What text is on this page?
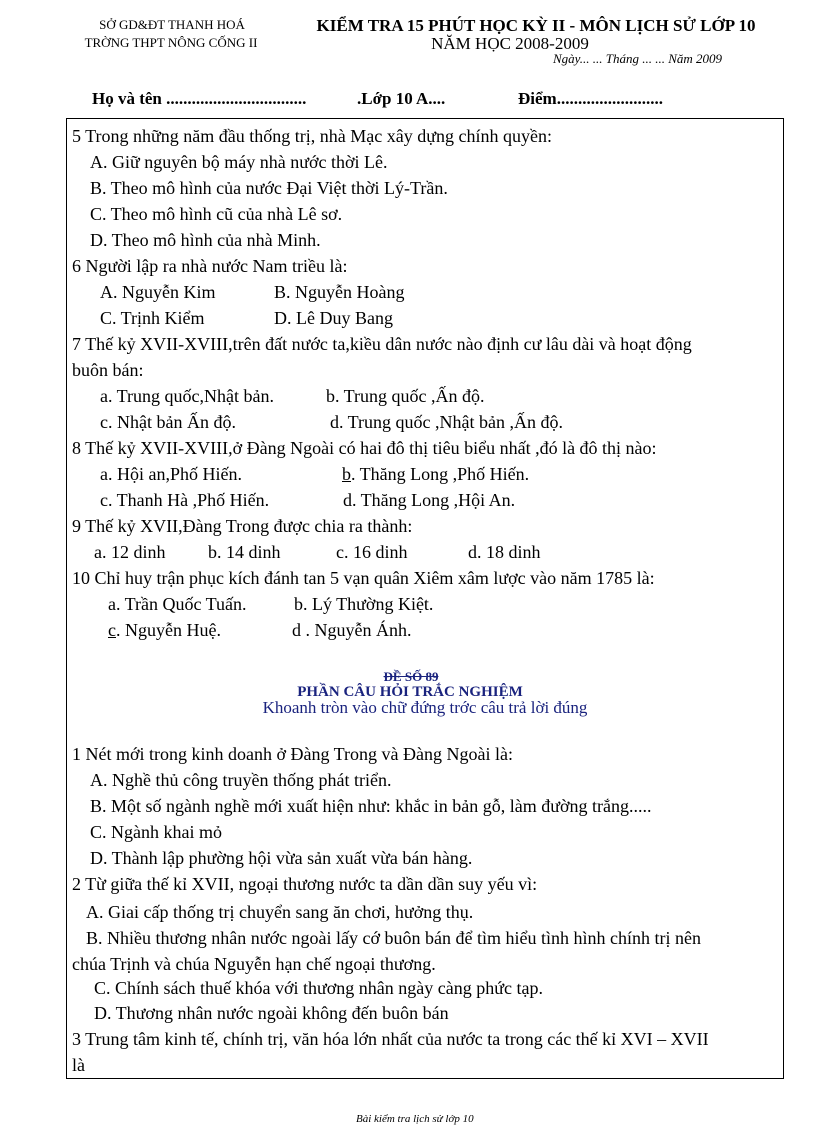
SỞ GD&ĐT THANH HOÁ
TRỜNG THPT NÔNG CỐNG II
KIỂM TRA 15 PHÚT HỌC KỲ II - MÔN LỊCH SỬ LỚP 10
NĂM HỌC 2008-2009
Ngày... ... Tháng ... ... Năm 2009
Họ và tên .................................	.Lớp 10 A....	Điểm.........................
5 Trong những năm đầu thống trị, nhà Mạc xây dựng chính quyền:
A. Giữ nguyên bộ máy nhà nước thời Lê.
B. Theo mô hình của nước Đại Việt thời Lý-Trần.
C. Theo mô hình cũ của nhà Lê sơ.
D. Theo mô hình của nhà Minh.
6 Người lập ra nhà nước Nam triều là:
A. Nguyễn Kim	B. Nguyễn Hoàng
C. Trịnh Kiểm	D. Lê Duy Bang
7 Thế kỷ XVII-XVIII,trên đất nước ta,kiều dân nước nào định cư lâu dài và hoạt động
buôn bán:
a. Trung quốc,Nhật bản.	b. Trung quốc ,Ấn độ.
c. Nhật bản Ấn độ.	d. Trung quốc ,Nhật bản ,Ấn độ.
8 Thế kỷ XVII-XVIII,ở Đàng Ngoài có hai đô thị tiêu biểu nhất ,đó là đô thị nào:
a. Hội an,Phố Hiến.	b. Thăng Long ,Phố Hiến.
c. Thanh Hà ,Phố Hiến.	d. Thăng Long ,Hội An.
9 Thế kỷ XVII,Đàng Trong được chia ra thành:
a. 12 dinh b. 14 dinh	c. 16 dinh	d. 18 dinh
10 Chỉ huy trận phục kích đánh tan 5 vạn quân Xiêm xâm lược vào năm 1785 là:
a. Trần Quốc Tuấn.	b. Lý Thường Kiệt.
c. Nguyễn Huệ.	d . Nguyễn Ánh.
ĐỀ SỐ 89
PHẦN CÂU HỎI TRẮC NGHIỆM
Khoanh tròn vào chữ đứng trớc câu trả lời đúng
1 Nét mới trong kinh doanh ở Đàng Trong và Đàng Ngoài là:
A. Nghề thủ công truyền thống phát triển.
B. Một số ngành nghề mới xuất hiện như: khắc in bản gỗ, làm đường trắng.....
C. Ngành khai mỏ
D. Thành lập phường hội vừa sản xuất vừa bán hàng.
2 Từ giữa thế kỉ XVII, ngoại thương nước ta dần dần suy yếu vì:
A. Giai cấp thống trị chuyển sang ăn chơi, hưởng thụ.
B. Nhiều thương nhân nước ngoài lấy cớ buôn bán để tìm hiểu tình hình chính trị nên
chúa Trịnh và chúa Nguyễn hạn chế ngoại thương.
C. Chính sách thuế khóa với thương nhân ngày càng phức tạp.
D. Thương nhân nước ngoài không đến buôn bán
3 Trung tâm kinh tế, chính trị, văn hóa lớn nhất của nước ta trong các thế kỉ XVI – XVII
là
Bài kiểm tra lịch sử lớp 10
